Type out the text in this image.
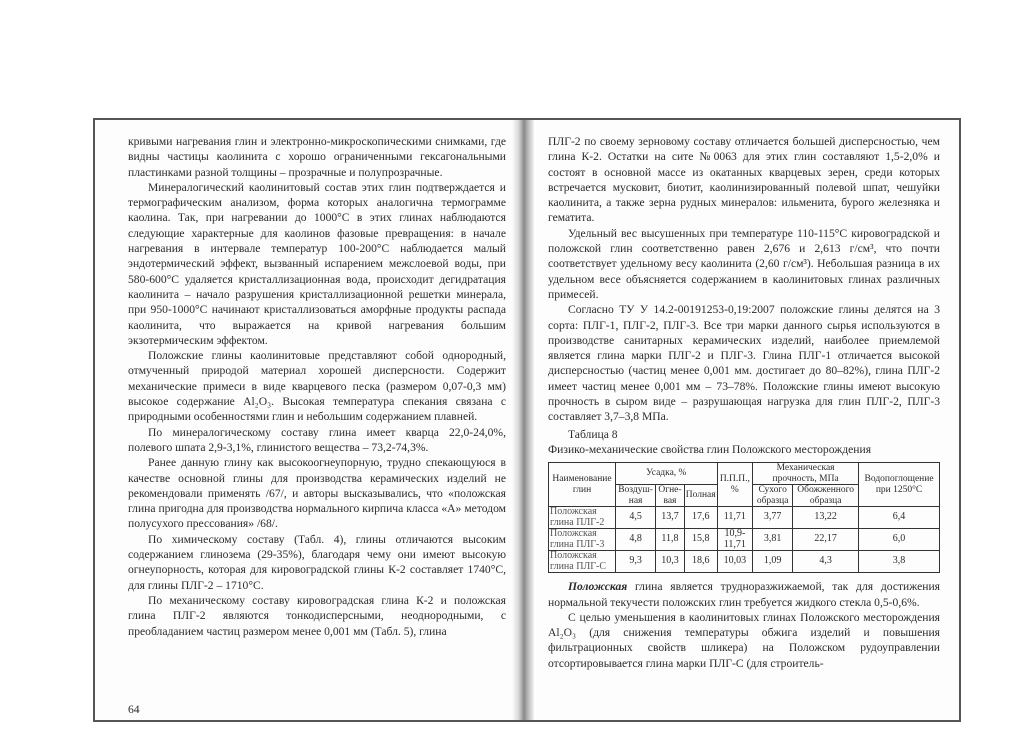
кривыми нагревания глин и электронно-микроскопическими снимками, где видны частицы каолинита с хорошо ограниченными гексагональными пластинками разной толщины – прозрачные и полупрозрачные.

Минералогический каолинитовый состав этих глин подтверждается и термографическим анализом, форма которых аналогична термограмме каолина. Так, при нагревании до 1000°С в этих глинах наблюдаются следующие характерные для каолинов фазовые превращения: в начале нагревания в интервале температур 100-200°С наблюдается малый эндотермический эффект, вызванный испарением межслоевой воды, при 580-600°С удаляется кристаллизационная вода, происходит дегидратация каолинита – начало разрушения кристаллизационной решетки минерала, при 950-1000°С начинают кристаллизоваться аморфные продукты распада каолинита, что выражается на кривой нагревания большим экзотермическим эффектом.

Положские глины каолинитовые представляют собой однородный, отмученный природой материал хорошей дисперсности. Содержит механические примеси в виде кварцевого песка (размером 0,07-0,3 мм) высокое содержание Al₂O₃. Высокая температура спекания связана с природными особенностями глин и небольшим содержанием плавней.

По минералогическому составу глина имеет кварца 22,0-24,0%, полевого шпата 2,9-3,1%, глинистого вещества – 73,2-74,3%.

Ранее данную глину как высокоогнеупорную, трудно спекающуюся в качестве основной глины для производства керамических изделий не рекомендовали применять /67/, и авторы высказывались, что «положская глина пригодна для производства нормального кирпича класса «А» методом полусухого прессования» /68/.

По химическому составу (Табл. 4), глины отличаются высоким содержанием глинозема (29-35%), благодаря чему они имеют высокую огнеупорность, которая для кировоградской глины К-2 составляет 1740°С, для глины ПЛГ-2 – 1710°С.

По механическому составу кировоградская глина К-2 и положская глина ПЛГ-2 являются тонкодисперсными, неоднородными, с преобладанием частиц размером менее 0,001 мм (Табл. 5), глина

64

ПЛГ-2 по своему зерновому составу отличается большей дисперсностью, чем глина К-2. Остатки на сите №0063 для этих глин составляют 1,5-2,0% и состоят в основной массе из окатанных кварцевых зерен, среди которых встречается мусковит, биотит, каолинизированный полевой шпат, чешуйки каолинита, а также зерна рудных минералов: ильменита, бурого железняка и гематита.

Удельный вес высушенных при температуре 110-115°С кировоградской и положской глин соответственно равен 2,676 и 2,613 г/см³, что почти соответствует удельному весу каолинита (2,60 г/см³). Небольшая разница в их удельном весе объясняется содержанием в каолинитовых глинах различных примесей.

Согласно ТУ У 14.2-00191253-0,19:2007 положские глины делятся на 3 сорта: ПЛГ-1, ПЛГ-2, ПЛГ-3. Все три марки данного сырья используются в производстве санитарных керамических изделий, наиболее приемлемой является глина марки ПЛГ-2 и ПЛГ-3. Глина ПЛГ-1 отличается высокой дисперсностью (частиц менее 0,001 мм. достигает до 80–82%), глина ПЛГ-2 имеет частиц менее 0,001 мм – 73–78%. Положские глины имеют высокую прочность в сыром виде – разрушающая нагрузка для глин ПЛГ-2, ПЛГ-3 составляет 3,7–3,8 МПа.

Таблица 8

Физико-механические свойства глин Положского месторождения

Наименование глин	Усадка, %			П.П.П., %	Механическая прочность, МПа		Водопоглощение при 1250°С
	Воздуш-ная	Огне-вая	Полная		Сухого образца	Обожженного образца	
Положская глина ПЛГ-2	4,5	13,7	17,6	11,71	3,77	13,22	6,4
Положская глина ПЛГ-3	4,8	11,8	15,8	10,9-11,71	3,81	22,17	6,0
Положская глина ПЛГ-С	9,3	10,3	18,6	10,03	1,09	4,3	3,8

Положская глина является трудноразжижаемой, так для достижения нормальной текучести положских глин требуется жидкого стекла 0,5-0,6%.

С целью уменьшения в каолинитовых глинах Положского месторождения Al₂O₃ (для снижения температуры обжига изделий и повышения фильтрационных свойств шликера) на Положском рудоуправлении отсортировывается глина марки ПЛГ-С (для строитель-
